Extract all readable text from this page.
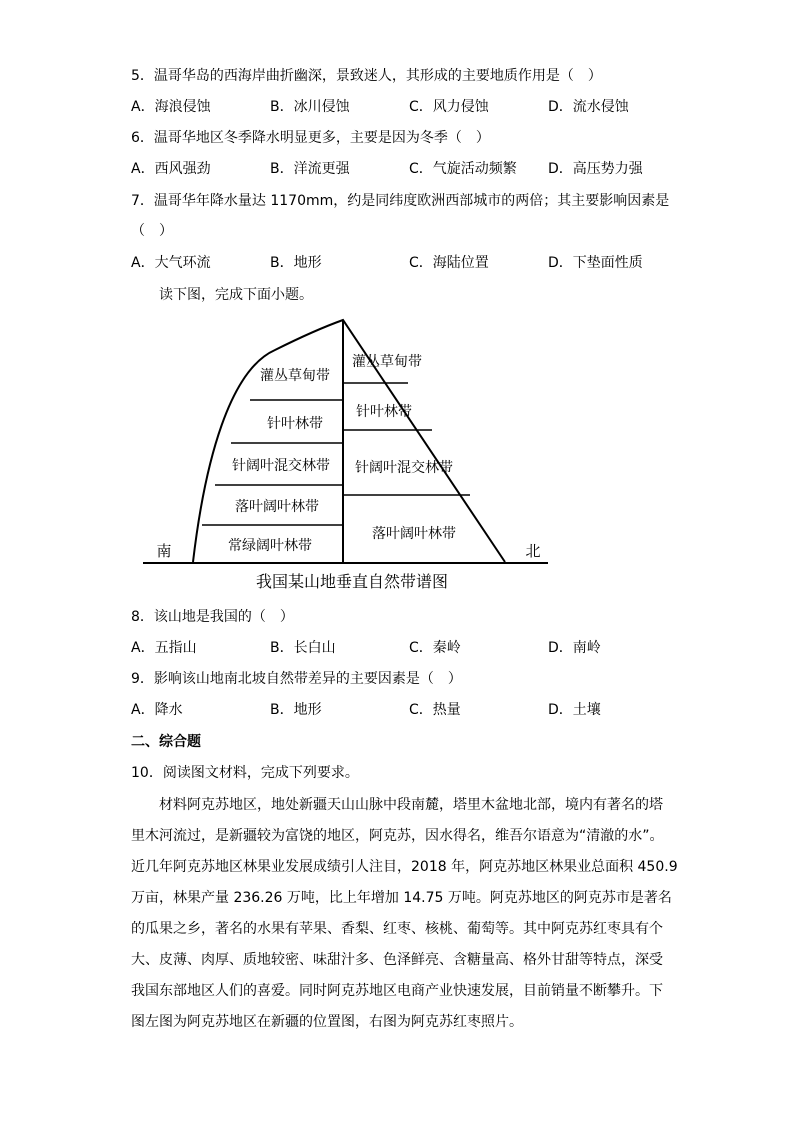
5．温哥华岛的西海岸曲折幽深，景致迷人，其形成的主要地质作用是（　）
A．海浪侵蚀	B．冰川侵蚀	C．风力侵蚀	D．流水侵蚀
6．温哥华地区冬季降水明显更多，主要是因为冬季（　）
A．西风强劲	B．洋流更强	C．气旋活动频繁 D．高压势力强
7．温哥华年降水量达 1170mm，约是同纬度欧洲西部城市的两倍；其主要影响因素是
（　）
A．大气环流	B．地形	C．海陆位置	D．下垫面性质
读下图，完成下面小题。
灌丛草甸带
针叶林带
针阔叶混交林带
落叶阔叶林带
常绿阔叶林带
灌丛草甸带
针叶林带
针阔叶混交林带
落叶阔叶林带
南	北
我国某山地垂直自然带谱图
8．该山地是我国的（　）
A．五指山	B．长白山	C．秦岭	D．南岭
9．影响该山地南北坡自然带差异的主要因素是（　）
A．降水	B．地形	C．热量	D．土壤
二、综合题
10．阅读图文材料，完成下列要求。
材料阿克苏地区，地处新疆天山山脉中段南麓，塔里木盆地北部，境内有著名的塔
里木河流过，是新疆较为富饶的地区，阿克苏，因水得名，维吾尔语意为“清澈的水”。
近几年阿克苏地区林果业发展成绩引人注目，2018 年，阿克苏地区林果业总面积 450.9
万亩，林果产量 236.26 万吨，比上年增加 14.75 万吨。阿克苏地区的阿克苏市是著名
的瓜果之乡，著名的水果有苹果、香梨、红枣、核桃、葡萄等。其中阿克苏红枣具有个
大、皮薄、肉厚、质地较密、味甜汁多、色泽鲜亮、含糖量高、格外甘甜等特点，深受
我国东部地区人们的喜爱。同时阿克苏地区电商产业快速发展，目前销量不断攀升。下
图左图为阿克苏地区在新疆的位置图，右图为阿克苏红枣照片。
